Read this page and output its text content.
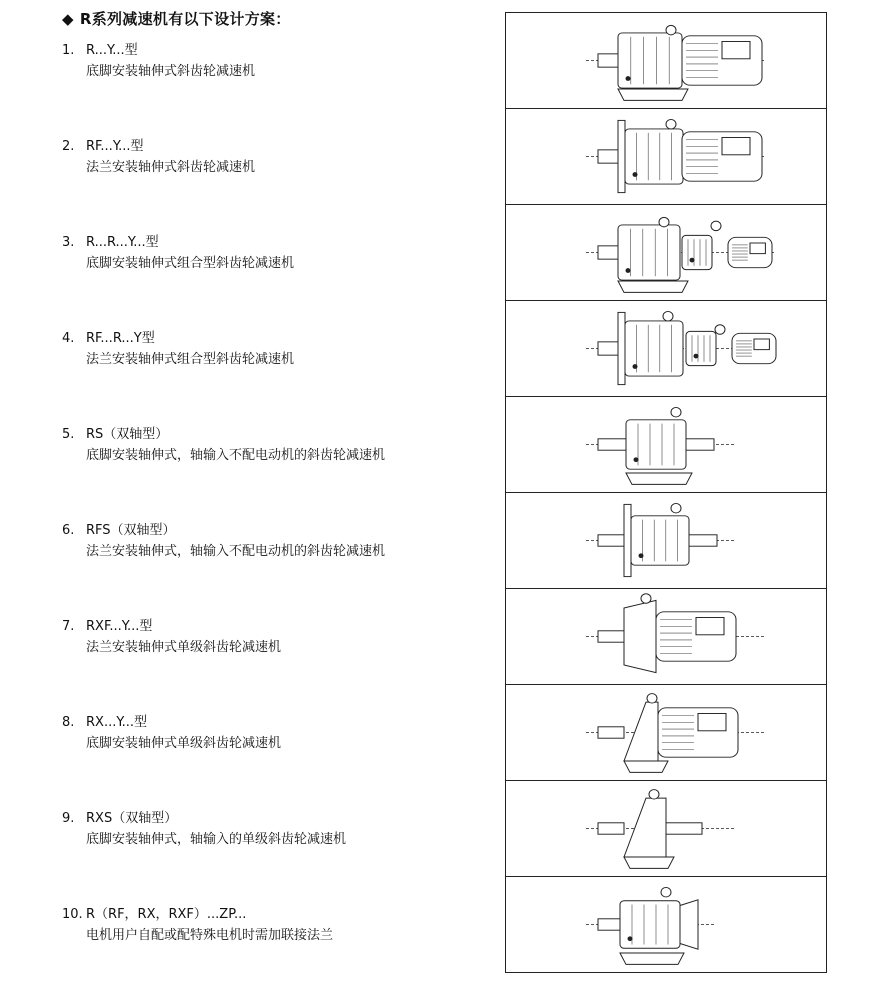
◆ R系列减速机有以下设计方案：
1. R...Y...型
底脚安装轴伸式斜齿轮减速机
2. RF...Y...型
法兰安装轴伸式斜齿轮减速机
3. R...R...Y...型
底脚安装轴伸式组合型斜齿轮减速机
4. RF...R...Y型
法兰安装轴伸式组合型斜齿轮减速机
5. RS（双轴型）
底脚安装轴伸式，轴输入不配电动机的斜齿轮减速机
6. RFS（双轴型）
法兰安装轴伸式，轴输入不配电动机的斜齿轮减速机
7. RXF...Y...型
法兰安装轴伸式单级斜齿轮减速机
8. RX...Y...型
底脚安装轴伸式单级斜齿轮减速机
9. RXS（双轴型）
底脚安装轴伸式，轴输入的单级斜齿轮减速机
10. R（RF，RX，RXF）...ZP...
电机用户自配或配特殊电机时需加联接法兰
